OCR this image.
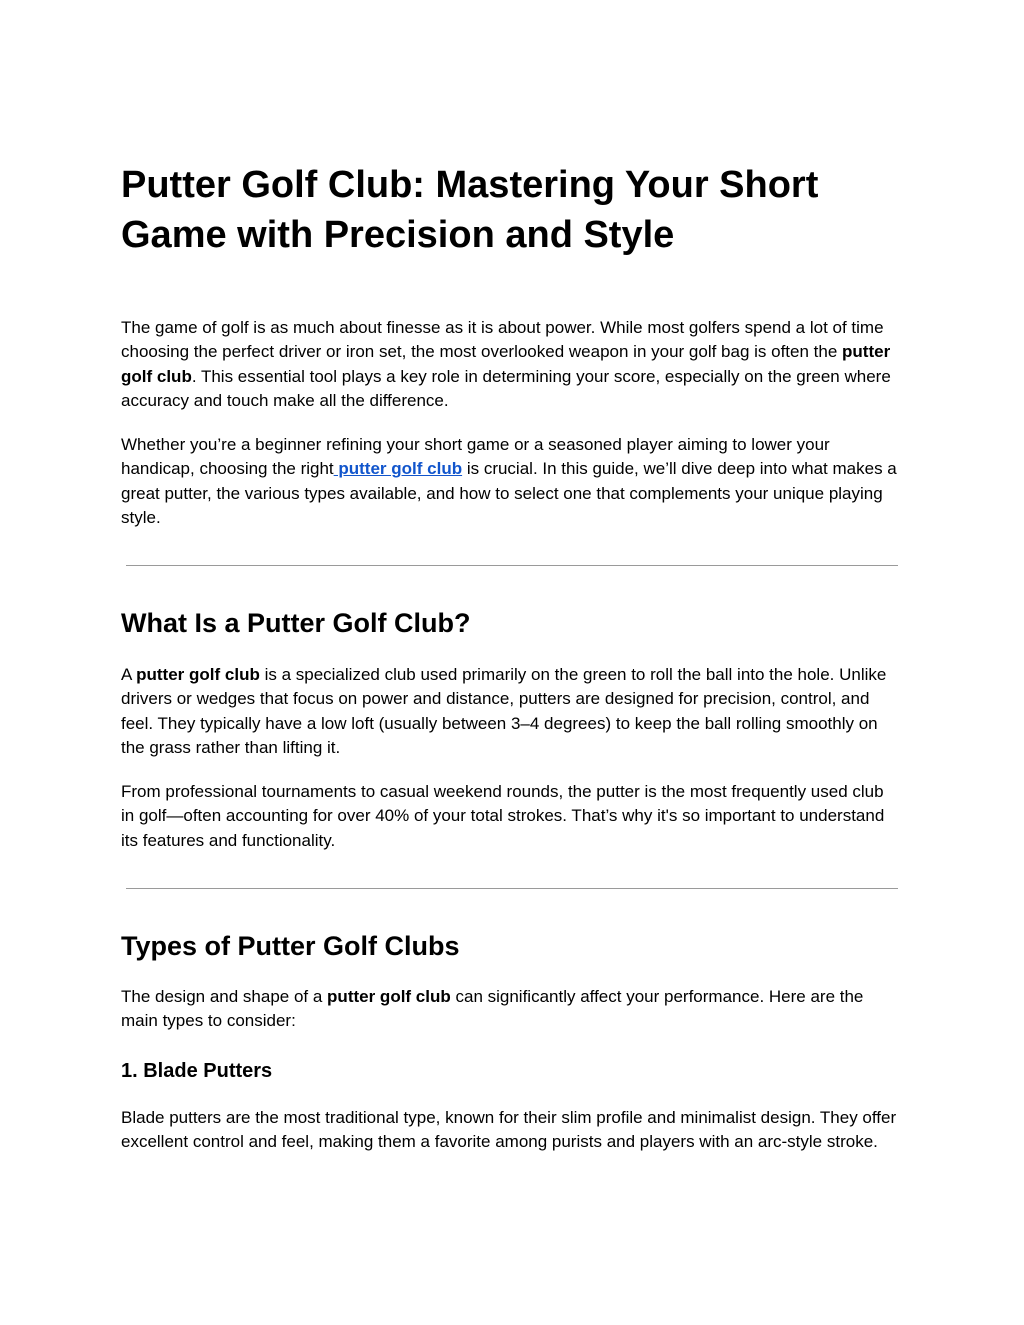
Putter Golf Club: Mastering Your Short Game with Precision and Style

The game of golf is as much about finesse as it is about power. While most golfers spend a lot of time choosing the perfect driver or iron set, the most overlooked weapon in your golf bag is often the putter golf club. This essential tool plays a key role in determining your score, especially on the green where accuracy and touch make all the difference.

Whether you’re a beginner refining your short game or a seasoned player aiming to lower your handicap, choosing the right putter golf club is crucial. In this guide, we’ll dive deep into what makes a great putter, the various types available, and how to select one that complements your unique playing style.

What Is a Putter Golf Club?

A putter golf club is a specialized club used primarily on the green to roll the ball into the hole. Unlike drivers or wedges that focus on power and distance, putters are designed for precision, control, and feel. They typically have a low loft (usually between 3–4 degrees) to keep the ball rolling smoothly on the grass rather than lifting it.

From professional tournaments to casual weekend rounds, the putter is the most frequently used club in golf—often accounting for over 40% of your total strokes. That’s why it's so important to understand its features and functionality.

Types of Putter Golf Clubs

The design and shape of a putter golf club can significantly affect your performance. Here are the main types to consider:

1. Blade Putters

Blade putters are the most traditional type, known for their slim profile and minimalist design. They offer excellent control and feel, making them a favorite among purists and players with an arc-style stroke.
